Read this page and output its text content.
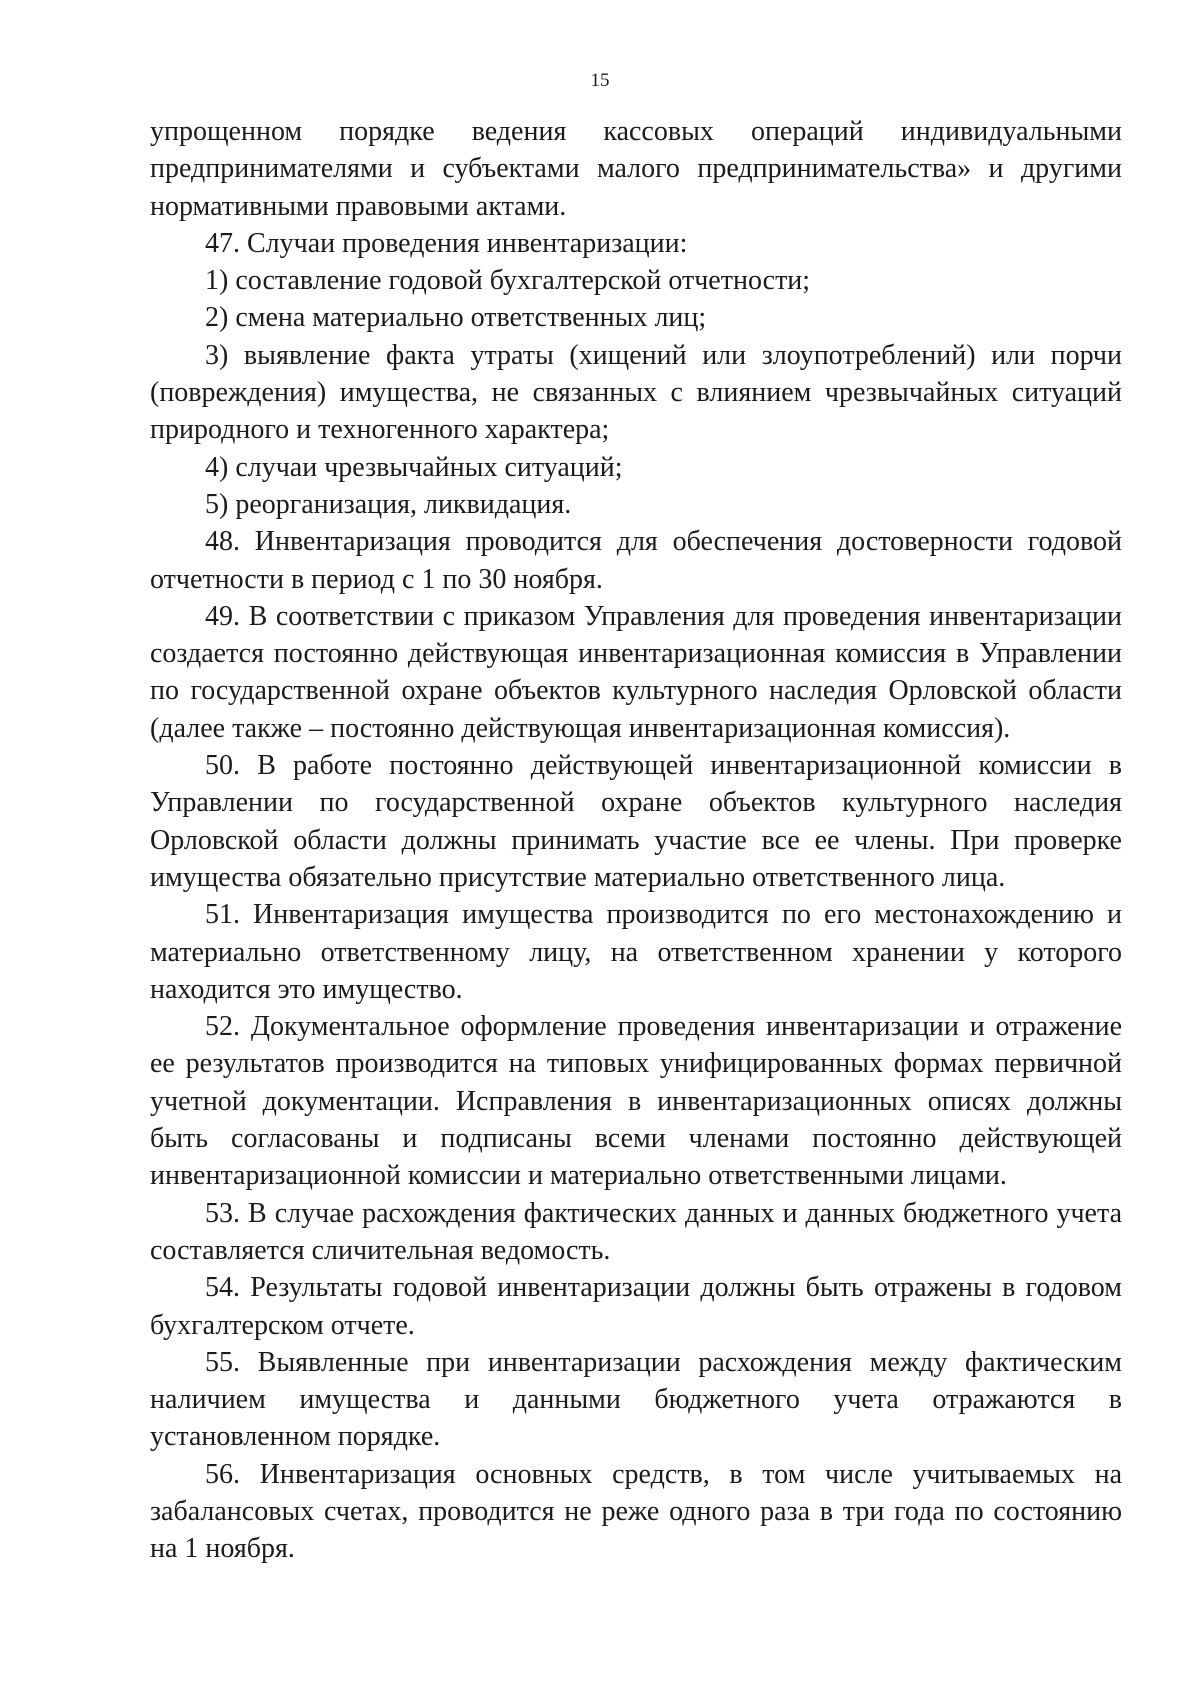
15

упрощенном порядке ведения кассовых операций индивидуальными предпринимателями и субъектами малого предпринимательства» и другими нормативными правовыми актами.

47. Случаи проведения инвентаризации:

1) составление годовой бухгалтерской отчетности;

2) смена материально ответственных лиц;

3) выявление факта утраты (хищений или злоупотреблений) или порчи (повреждения) имущества, не связанных с влиянием чрезвычайных ситуаций природного и техногенного характера;

4) случаи чрезвычайных ситуаций;

5) реорганизация, ликвидация.

48. Инвентаризация проводится для обеспечения достоверности годовой отчетности в период с 1 по 30 ноября.

49. В соответствии с приказом Управления для проведения инвентаризации создается постоянно действующая инвентаризационная комиссия в Управлении по государственной охране объектов культурного наследия Орловской области (далее также – постоянно действующая инвентаризационная комиссия).

50. В работе постоянно действующей инвентаризационной комиссии в Управлении по государственной охране объектов культурного наследия Орловской области должны принимать участие все ее члены. При проверке имущества обязательно присутствие материально ответственного лица.

51. Инвентаризация имущества производится по его местонахождению и материально ответственному лицу, на ответственном хранении у которого находится это имущество.

52. Документальное оформление проведения инвентаризации и отражение ее результатов производится на типовых унифицированных формах первичной учетной документации. Исправления в инвентаризационных описях должны быть согласованы и подписаны всеми членами постоянно действующей инвентаризационной комиссии и материально ответственными лицами.

53. В случае расхождения фактических данных и данных бюджетного учета составляется сличительная ведомость.

54. Результаты годовой инвентаризации должны быть отражены в годовом бухгалтерском отчете.

55. Выявленные при инвентаризации расхождения между фактическим наличием имущества и данными бюджетного учета отражаются в установленном порядке.

56. Инвентаризация основных средств, в том числе учитываемых на забалансовых счетах, проводится не реже одного раза в три года по состоянию на 1 ноября.
